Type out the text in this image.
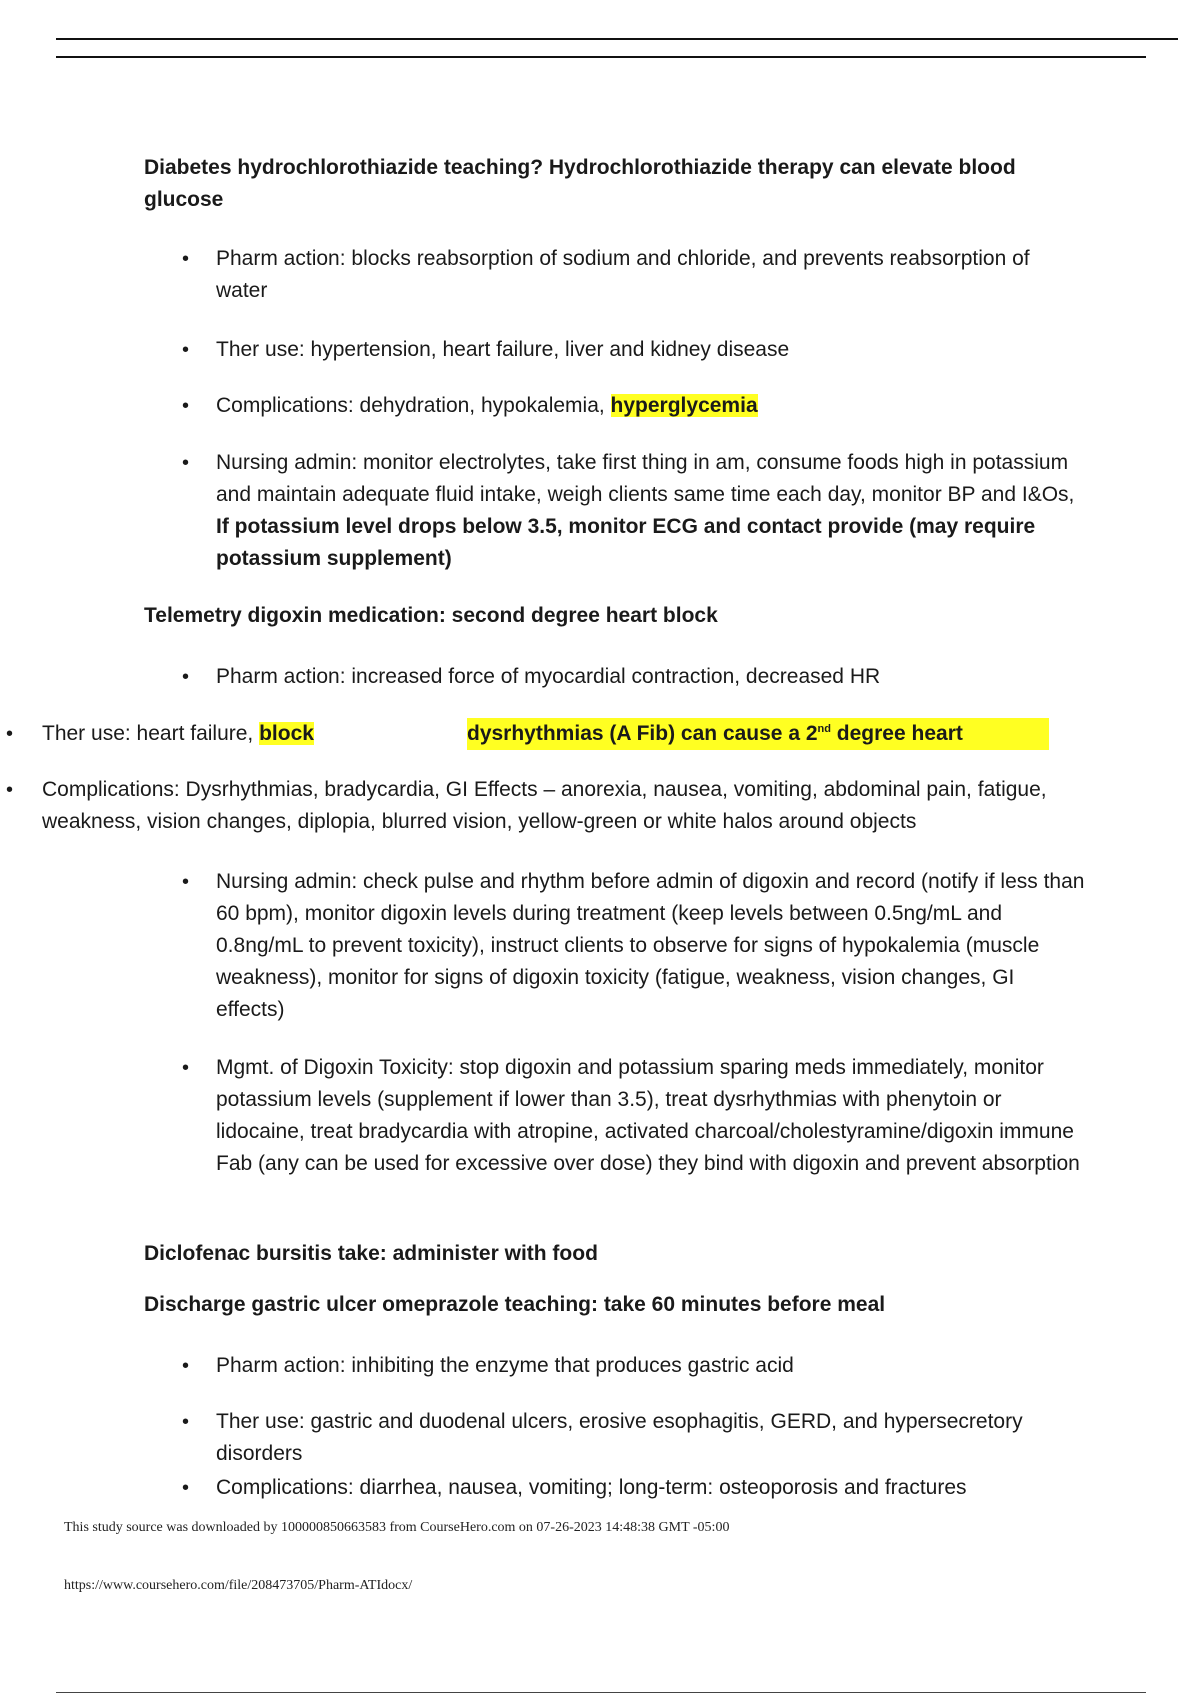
Diabetes hydrochlorothiazide teaching? Hydrochlorothiazide therapy can elevate blood glucose
• Pharm action: blocks reabsorption of sodium and chloride, and prevents reabsorption of water
• Ther use: hypertension, heart failure, liver and kidney disease
• Complications: dehydration, hypokalemia, hyperglycemia
• Nursing admin: monitor electrolytes, take first thing in am, consume foods high in potassium and maintain adequate fluid intake, weigh clients same time each day, monitor BP and I&Os, If potassium level drops below 3.5, monitor ECG and contact provide (may require potassium supplement)
Telemetry digoxin medication: second degree heart block
• Pharm action: increased force of myocardial contraction, decreased HR
• Ther use: heart failure, block	dysrhythmias (A Fib) can cause a 2nd degree heart
• Complications: Dysrhythmias, bradycardia, GI Effects – anorexia, nausea, vomiting, abdominal pain, fatigue, weakness, vision changes, diplopia, blurred vision, yellow-green or white halos around objects
• Nursing admin: check pulse and rhythm before admin of digoxin and record (notify if less than 60 bpm), monitor digoxin levels during treatment (keep levels between 0.5ng/mL and 0.8ng/mL to prevent toxicity), instruct clients to observe for signs of hypokalemia (muscle weakness), monitor for signs of digoxin toxicity (fatigue, weakness, vision changes, GI effects)
• Mgmt. of Digoxin Toxicity: stop digoxin and potassium sparing meds immediately, monitor potassium levels (supplement if lower than 3.5), treat dysrhythmias with phenytoin or lidocaine, treat bradycardia with atropine, activated charcoal/cholestyramine/digoxin immune Fab (any can be used for excessive over dose) they bind with digoxin and prevent absorption
Diclofenac bursitis take: administer with food
Discharge gastric ulcer omeprazole teaching: take 60 minutes before meal
• Pharm action: inhibiting the enzyme that produces gastric acid
• Ther use: gastric and duodenal ulcers, erosive esophagitis, GERD, and hypersecretory disorders
• Complications: diarrhea, nausea, vomiting; long-term: osteoporosis and fractures
This study source was downloaded by 100000850663583 from CourseHero.com on 07-26-2023 14:48:38 GMT -05:00
https://www.coursehero.com/file/208473705/Pharm-ATIdocx/
